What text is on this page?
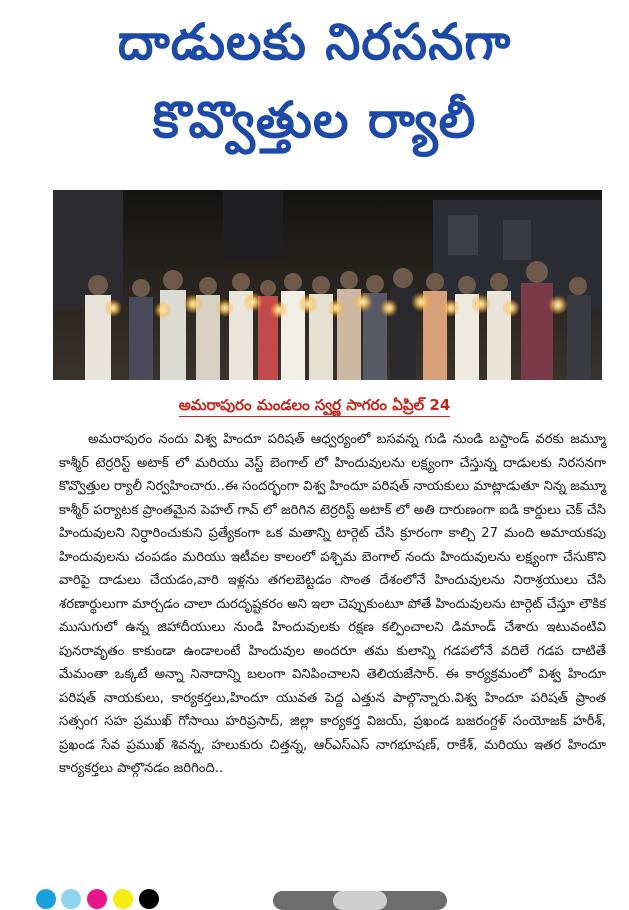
దాడులకు నిరసనగా
కొవ్వొత్తుల ర్యాలీ
అమరాపురం మండలం స్వర్ణ సాగరం ఏప్రిల్ 24

అమరాపురం నందు విశ్వ హిందూ పరిషత్ ఆధ్వర్యంలో బసవన్న గుడి నుండి బస్టాండ్ వరకు జమ్మూ కాశ్మీర్ టెర్రరిస్ట్ అటాక్ లో మరియు వెస్ట్ బెంగాల్ లో హిందువులను లక్ష్యంగా చేస్తున్న దాడులకు నిరసనగా కొవ్వొత్తుల ర్యాలీ నిర్వహించారు..ఈ సందర్భంగా విశ్వ హిందూ పరిషత్ నాయకులు మాట్లాడుతూ నిన్న జమ్మూ కాశ్మీర్ పర్యాటక ప్రాంతమైన పెహల్ గావ్ లో జరిగిన టెర్రరిస్ట్ అటాక్ లో అతి దారుణంగా ఐడి కార్డులు చెక్ చేసి హిందువులని నిర్ధారించుకుని ప్రత్యేకంగా ఒక మతాన్ని టార్గెట్ చేసి క్రూరంగా కాల్చి 27 మంది అమాయకపు హిందువులను చంపడం మరియు ఇటీవల కాలంలో పశ్చిమ బెంగాల్ నందు హిందువులను లక్ష్యంగా చేసుకొని వారిపై దాడులు చేయడం,వారి ఇళ్లను తగలబెట్టడం సొంత దేశంలోనే హిందువులను నిరాశ్రయులు చేసి శరణార్థులుగా మార్చడం చాలా దురదృష్టకరం అని ఇలా చెప్పుకుంటూ పోతే హిందువులను టార్గెట్ చేస్తూ లౌకిక ముసుగులో ఉన్న జిహాదీయులు నుండి హిందువులకు రక్షణ కల్పించాలని డిమాండ్ చేశారు ఇటువంటివి పునరావృతం కాకుండా ఉండాలంటే హిందువుల అందరూ తమ కులాన్ని గడపలోనే వదిలే గడప దాటితే మేమంతా ఒక్కటే అన్నా నినాదాన్ని బలంగా వినిపించాలని తెలియజేసార్. ఈ కార్యక్రమంలో విశ్వ హిందూ పరిషత్ నాయకులు, కార్యకర్తలు,హిందూ యువత పెద్ద ఎత్తున పాల్గొన్నారు.విశ్వ హిందూ పరిషత్ ప్రాంత సత్సంగ సహ ప్రముఖ్ గోసాయి హరిప్రసాద్, జిల్లా కార్యకర్త విజయ్, ప్రఖండ బజరంగ్దళ్ సంయోజక్ హరీశ్, ప్రఖండ సేవ ప్రముఖ్ శివన్న, హలుకురు చిత్తన్న, ఆర్ఎస్ఎస్ నాగభూషణ్, రాకేశ్, మరియు ఇతర హిందూ కార్యకర్తలు పాల్గొనడం జరిగింది..
